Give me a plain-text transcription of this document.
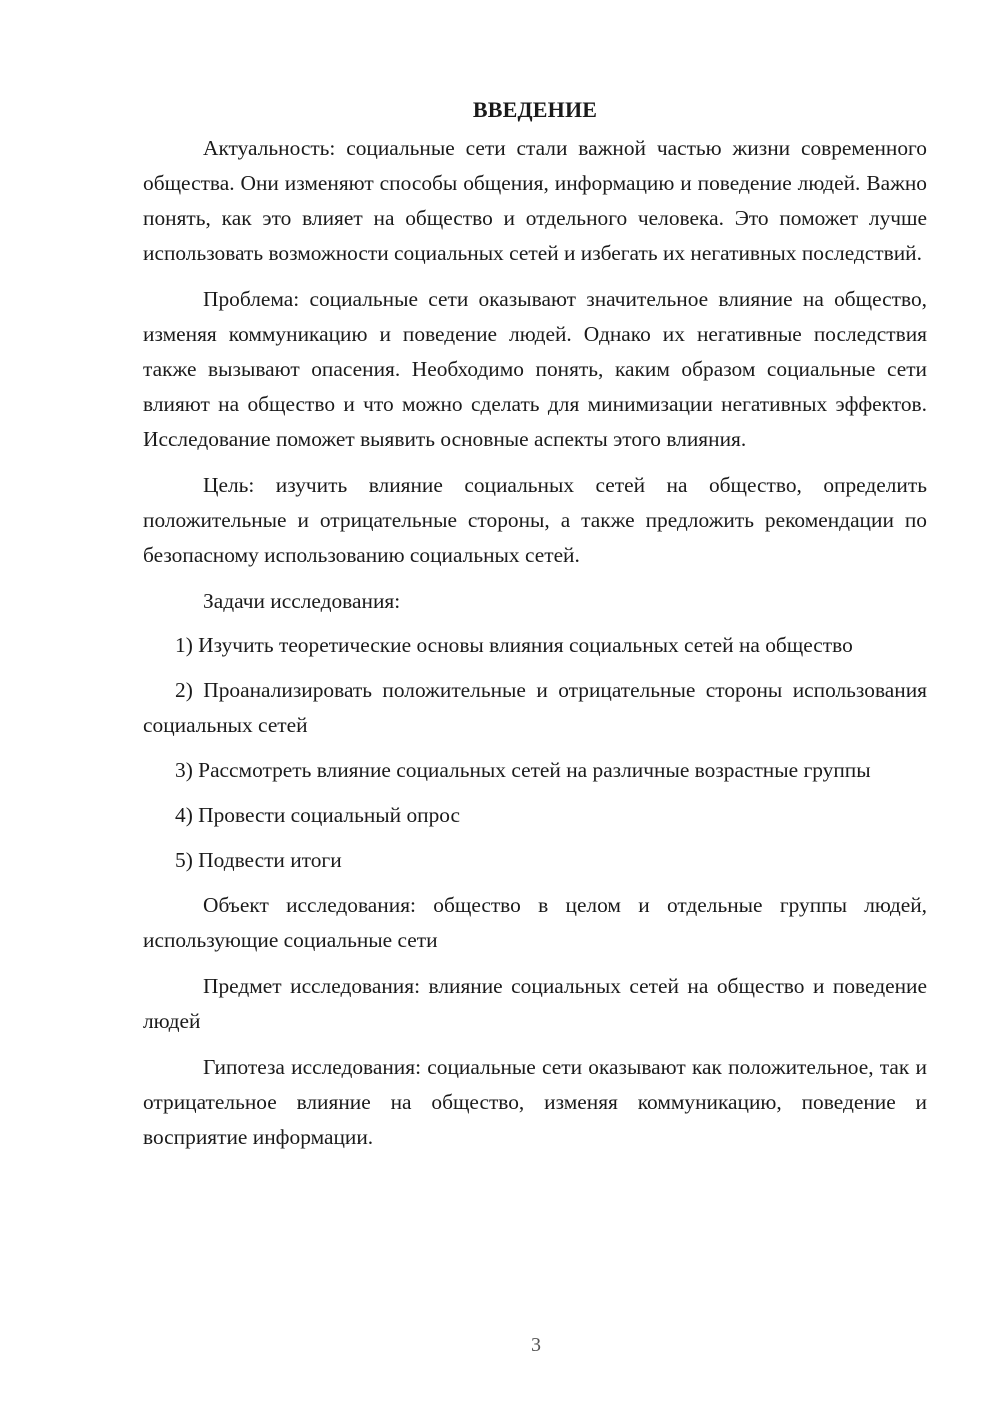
ВВЕДЕНИЕ

Актуальность: социальные сети стали важной частью жизни современного общества. Они изменяют способы общения, информацию и поведение людей. Важно понять, как это влияет на общество и отдельного человека. Это поможет лучше использовать возможности социальных сетей и избегать их негативных последствий.

Проблема: социальные сети оказывают значительное влияние на общество, изменяя коммуникацию и поведение людей. Однако их негативные последствия также вызывают опасения. Необходимо понять, каким образом социальные сети влияют на общество и что можно сделать для минимизации негативных эффектов. Исследование поможет выявить основные аспекты этого влияния.

Цель: изучить влияние социальных сетей на общество, определить положительные и отрицательные стороны, а также предложить рекомендации по безопасному использованию социальных сетей.

Задачи исследования:

1) Изучить теоретические основы влияния социальных сетей на общество

2) Проанализировать положительные и отрицательные стороны использования социальных сетей

3) Рассмотреть влияние социальных сетей на различные возрастные группы

4) Провести социальный опрос

5) Подвести итоги

Объект исследования: общество в целом и отдельные группы людей, использующие социальные сети

Предмет исследования: влияние социальных сетей на общество и поведение людей

Гипотеза исследования: социальные сети оказывают как положительное, так и отрицательное влияние на общество, изменяя коммуникацию, поведение и восприятие информации.

3
